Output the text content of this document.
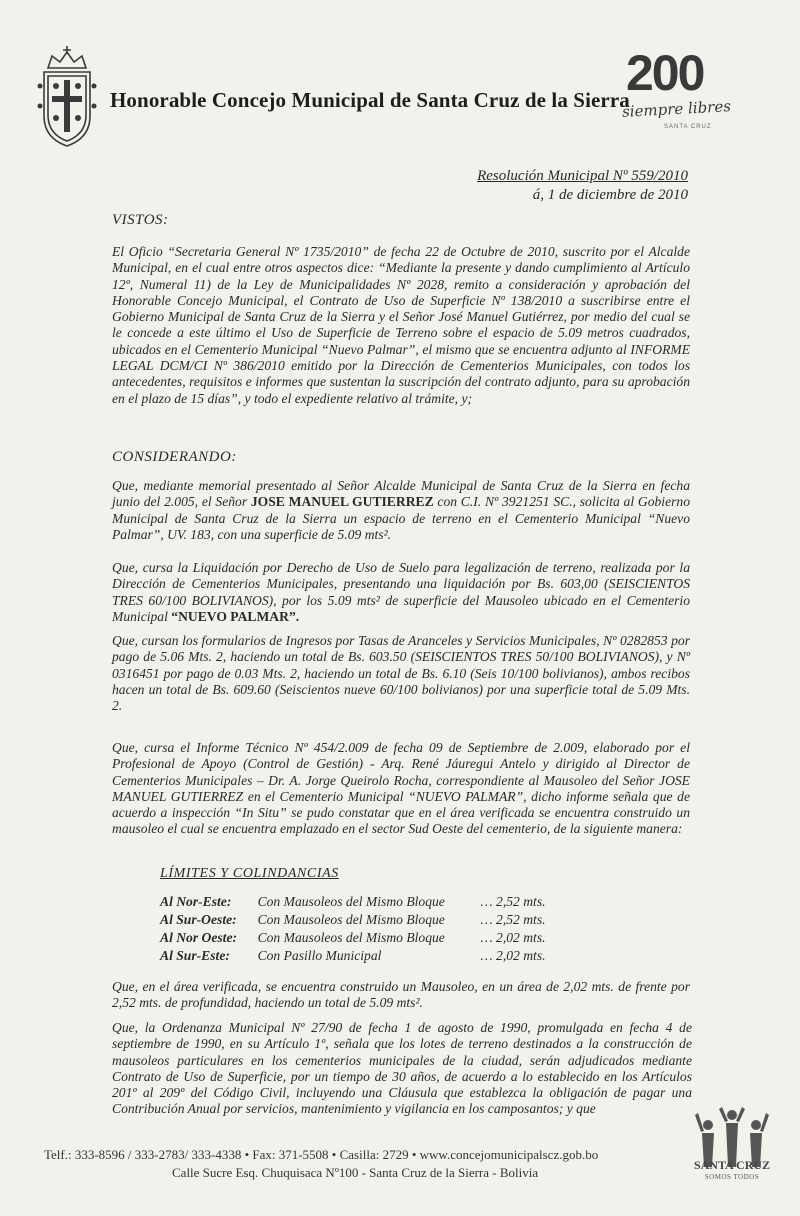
Honorable Concejo Municipal de Santa Cruz de la Sierra
200
siempre libres
SANTA CRUZ
Resolución Municipal Nº 559/2010
á, 1 de diciembre de 2010
VISTOS:
El Oficio “Secretaria General Nº 1735/2010” de fecha 22 de Octubre de 2010, suscrito por el Alcalde Municipal, en el cual entre otros aspectos dice: “Mediante la presente y dando cumplimiento al Artículo 12º, Numeral 11) de la Ley de Municipalidades Nº 2028, remito a consideración y aprobación del Honorable Concejo Municipal, el Contrato de Uso de Superficie Nº 138/2010 a suscribirse entre el Gobierno Municipal de Santa Cruz de la Sierra y el Señor José Manuel Gutiérrez, por medio del cual se le concede a este último el Uso de Superficie de Terreno sobre el espacio de 5.09 metros cuadrados, ubicados en el Cementerio Municipal “Nuevo Palmar”, el mismo que se encuentra adjunto al INFORME LEGAL DCM/CI Nº 386/2010 emitido por la Dirección de Cementerios Municipales, con todos los antecedentes, requisitos e informes que sustentan la suscripción del contrato adjunto, para su aprobación en el plazo de 15 días”, y todo el expediente relativo al trámite, y;
CONSIDERANDO:
Que, mediante memorial presentado al Señor Alcalde Municipal de Santa Cruz de la Sierra en fecha junio del 2.005, el Señor JOSE MANUEL GUTIERREZ con C.I. Nº 3921251 SC., solicita al Gobierno Municipal de Santa Cruz de la Sierra un espacio de terreno en el Cementerio Municipal “Nuevo Palmar”, UV. 183, con una superficie de 5.09 mts².
Que, cursa la Liquidación por Derecho de Uso de Suelo para legalización de terreno, realizada por la Dirección de Cementerios Municipales, presentando una liquidación por Bs. 603,00 (SEISCIENTOS TRES 60/100 BOLIVIANOS), por los 5.09 mts² de superficie del Mausoleo ubicado en el Cementerio Municipal “NUEVO PALMAR”.
Que, cursan los formularios de Ingresos por Tasas de Aranceles y Servicios Municipales, Nº 0282853 por pago de 5.06 Mts. 2, haciendo un total de Bs. 603.50 (SEISCIENTOS TRES 50/100 BOLIVIANOS), y Nº 0316451 por pago de 0.03 Mts. 2, haciendo un total de Bs. 6.10 (Seis 10/100 bolivianos), ambos recibos hacen un total de Bs. 609.60 (Seiscientos nueve 60/100 bolivianos) por una superficie total de 5.09 Mts. 2.
Que, cursa el Informe Técnico Nº 454/2.009 de fecha 09 de Septiembre de 2.009, elaborado por el Profesional de Apoyo (Control de Gestión) - Arq. René Jáuregui Antelo y dirigido al Director de Cementerios Municipales – Dr. A. Jorge Queirolo Rocha, correspondiente al Mausoleo del Señor JOSE MANUEL GUTIERREZ en el Cementerio Municipal “NUEVO PALMAR”, dicho informe señala que de acuerdo a inspección “In Situ” se pudo constatar que en el área verificada se encuentra construido un mausoleo el cual se encuentra emplazado en el sector Sud Oeste del cementerio, de la siguiente manera:
LÍMITES Y COLINDANCIAS
Al Nor-Este:	Con Mausoleos del Mismo Bloque	… 2,52 mts.
Al Sur-Oeste:	Con Mausoleos del Mismo Bloque	… 2,52 mts.
Al Nor Oeste:	Con Mausoleos del Mismo Bloque	… 2,02 mts.
Al Sur-Este:	Con Pasillo Municipal	… 2,02 mts.
Que, en el área verificada, se encuentra construido un Mausoleo, en un área de 2,02 mts. de frente por 2,52 mts. de profundidad, haciendo un total de 5.09 mts².
Que, la Ordenanza Municipal Nº 27/90 de fecha 1 de agosto de 1990, promulgada en fecha 4 de septiembre de 1990, en su Artículo 1º, señala que los lotes de terreno destinados a la construcción de mausoleos particulares en los cementerios municipales de la ciudad, serán adjudicados mediante Contrato de Uso de Superficie, por un tiempo de 30 años, de acuerdo a lo establecido en los Artículos 201º al 209º del Código Civil, incluyendo una Cláusula que establezca la obligación de pagar una Contribución Anual por servicios, mantenimiento y vigilancia en los camposantos; y que
Telf.: 333-8596 / 333-2783/ 333-4338 • Fax: 371-5508 • Casilla: 2729 • www.concejomunicipalscz.gob.bo
Calle Sucre Esq. Chuquisaca Nº100 - Santa Cruz de la Sierra - Bolivia	SANTA CRUZ
SOMOS TODOS
